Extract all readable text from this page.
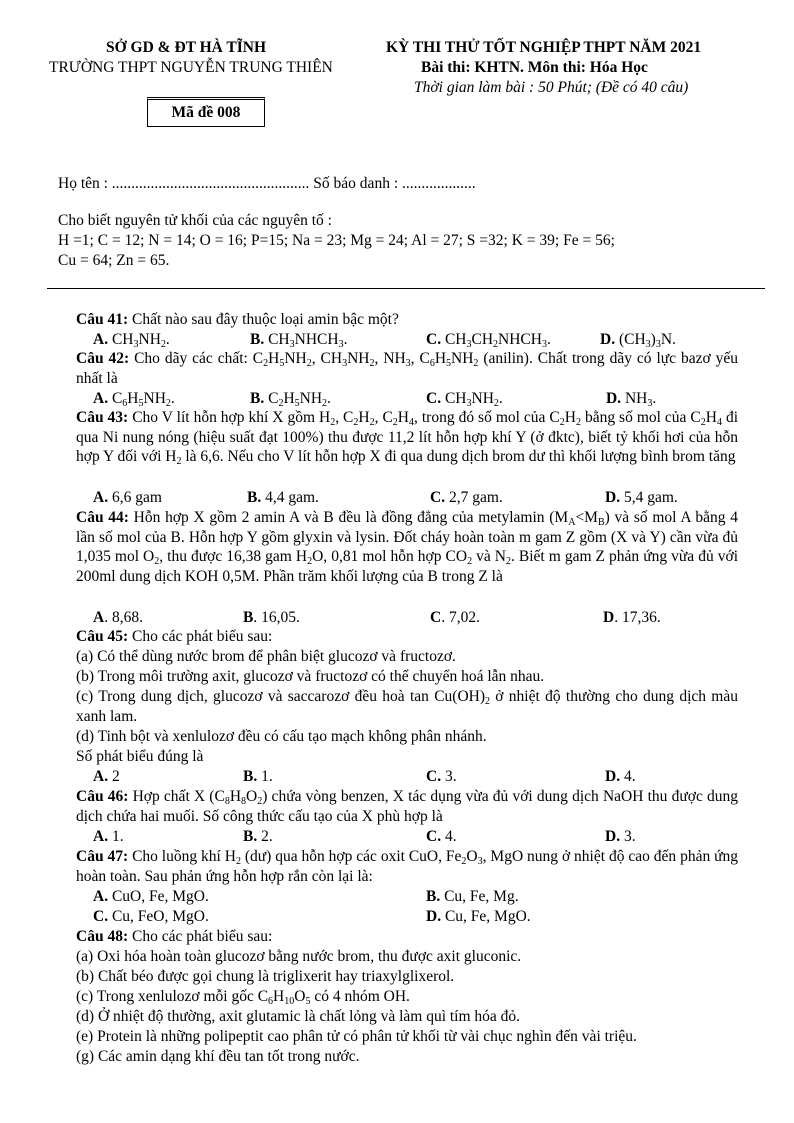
SỞ GD & ĐT HÀ TĨNH
TRƯỜNG THPT NGUYỄN TRUNG THIÊN
KỲ THI THỬ TỐT NGHIỆP THPT NĂM 2021
Bài thi: KHTN. Môn thi: Hóa Học
Thời gian làm bài : 50 Phút; (Đề có 40 câu)
Mã đề 008
Họ tên : ................................................... Số báo danh : ...................
Cho biết nguyên tử khối của các nguyên tố :
H =1; C = 12; N = 14; O = 16; P=15; Na = 23; Mg = 24; Al = 27; S =32; K = 39; Fe = 56;
Cu = 64; Zn = 65.
Câu 41: Chất nào sau đây thuộc loại amin bậc một?
A. $CH_3NH_2$.	B. $CH_3NHCH_3$.	C. $CH_3CH_2NHCH_3$.	D. $(CH_3)_3N$.
Câu 42: Cho dãy các chất: $C_2H_5NH_2$, $CH_3NH_2$, $NH_3$, $C_6H_5NH_2$ (anilin). Chất trong dãy có lực bazơ yếu nhất là
A. $C_6H_5NH_2$.	B. $C_2H_5NH_2$.	C. $CH_3NH_2$.	D. $NH_3$.
Câu 43: Cho V lít hỗn hợp khí X gồm $H_2$, $C_2H_2$, $C_2H_4$, trong đó số mol của $C_2H_2$ bằng số mol của $C_2H_4$ đi qua Ni nung nóng (hiệu suất đạt 100%) thu được 11,2 lít hỗn hợp khí Y (ở đktc), biết tỷ khối hơi của hỗn hợp Y đối với $H_2$ là 6,6. Nếu cho V lít hỗn hợp X đi qua dung dịch brom dư thì khối lượng bình brom tăng
A. 6,6 gam	B. 4,4 gam.	C. 2,7 gam.	D. 5,4 gam.
Câu 44: Hỗn hợp X gồm 2 amin A và B đều là đồng đẳng của metylamin $(M_A<M_B)$ và số mol A bằng 4 lần số mol của B. Hỗn hợp Y gồm glyxin và lysin. Đốt cháy hoàn toàn m gam Z gồm (X và Y) cần vừa đủ 1,035 mol $O_2$, thu được 16,38 gam $H_2O$, 0,81 mol hỗn hợp $CO_2$ và $N_2$. Biết m gam Z phản ứng vừa đủ với 200ml dung dịch KOH 0,5M. Phần trăm khối lượng của B trong Z là
A. 8,68.	B. 16,05.	C. 7,02.	D. 17,36.
Câu 45: Cho các phát biểu sau:
(a) Có thể dùng nước brom để phân biệt glucozơ và fructozơ.
(b) Trong môi trường axit, glucozơ và fructozơ có thể chuyển hoá lẫn nhau.
(c) Trong dung dịch, glucozơ và saccarozơ đều hoà $\tan Cu(OH)_2$ ở nhiệt độ thường cho dung dịch màu xanh lam.
(d) Tinh bột và xenlulozơ đều có cấu tạo mạch không phân nhánh.
Số phát biểu đúng là
A. 2	B. 1.	C. 3.	D. 4.
Câu 46: Hợp chất X $(C_8H_8O_2)$ chứa vòng benzen, X tác dụng vừa đủ với dung dịch NaOH thu được dung dịch chứa hai muối. Số công thức cấu tạo của X phù hợp là
A. 1.	B. 2.	C. 4.	D. 3.
Câu 47: Cho luồng khí $H_2$ (dư) qua hỗn hợp các oxit CuO, $Fe_2O_3$, MgO nung ở nhiệt độ cao đến phản ứng hoàn toàn. Sau phản ứng hỗn hợp rắn còn lại là:
A. CuO, Fe, MgO.	B. Cu, Fe, Mg.
C. Cu, FeO, MgO.	D. Cu, Fe, MgO.
Câu 48: Cho các phát biểu sau:
(a) Oxi hóa hoàn toàn glucozơ bằng nước brom, thu được axit gluconic.
(b) Chất béo được gọi chung là triglixerit hay triaxylglixerol.
(c) Trong xenlulozơ mỗi gốc $C_6H_{10}O_5$ có 4 nhóm OH.
(d) Ở nhiệt độ thường, axit glutamic là chất lỏng và làm quì tím hóa đỏ.
(e) Protein là những polipeptit cao phân tử có phân tử khối từ vài chục nghìn đến vài triệu.
(g) Các amin dạng khí đều tan tốt trong nước.
